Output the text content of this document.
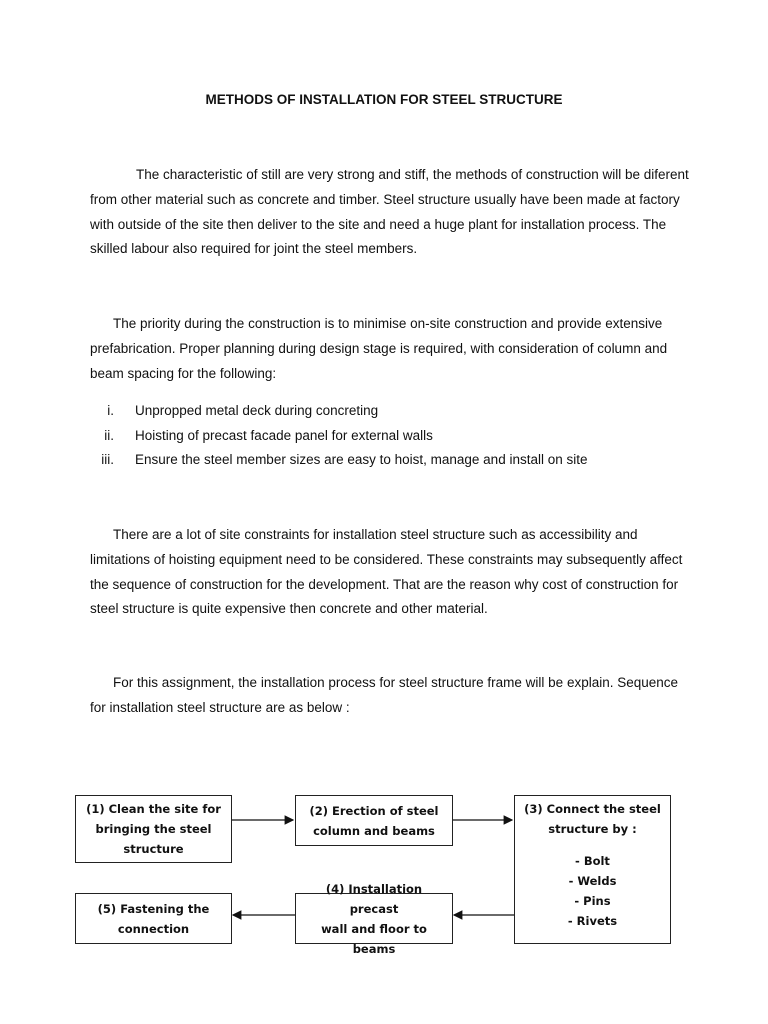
METHODS OF INSTALLATION FOR STEEL STRUCTURE

The characteristic of still are very strong and stiff, the methods of construction will be diferent from other material such as concrete and timber. Steel structure usually have been made at factory with outside of the site then deliver to the site and need a huge plant for installation process. The skilled labour also required for joint the steel members.

The priority during the construction is to minimise on-site construction and provide extensive prefabrication. Proper planning during design stage is required, with consideration of column and beam spacing for the following:

i. Unpropped metal deck during concreting
ii. Hoisting of precast facade panel for external walls
iii. Ensure the steel member sizes are easy to hoist, manage and install on site

There are a lot of site constraints for installation steel structure such as accessibility and limitations of hoisting equipment need to be considered. These constraints may subsequently affect the sequence of construction for the development. That are the reason why cost of construction for steel structure is quite expensive then concrete and other material.

For this assignment, the installation process for steel structure frame will be explain. Sequence for installation steel structure are as below :

(1) Clean the site for
bringing the steel
structure
(2) Erection of steel
column and beams
(3) Connect the steel
structure by :
- Bolt
- Welds
- Pins
- Rivets
(4) Installation precast
wall and floor to beams
(5) Fastening the
connection
